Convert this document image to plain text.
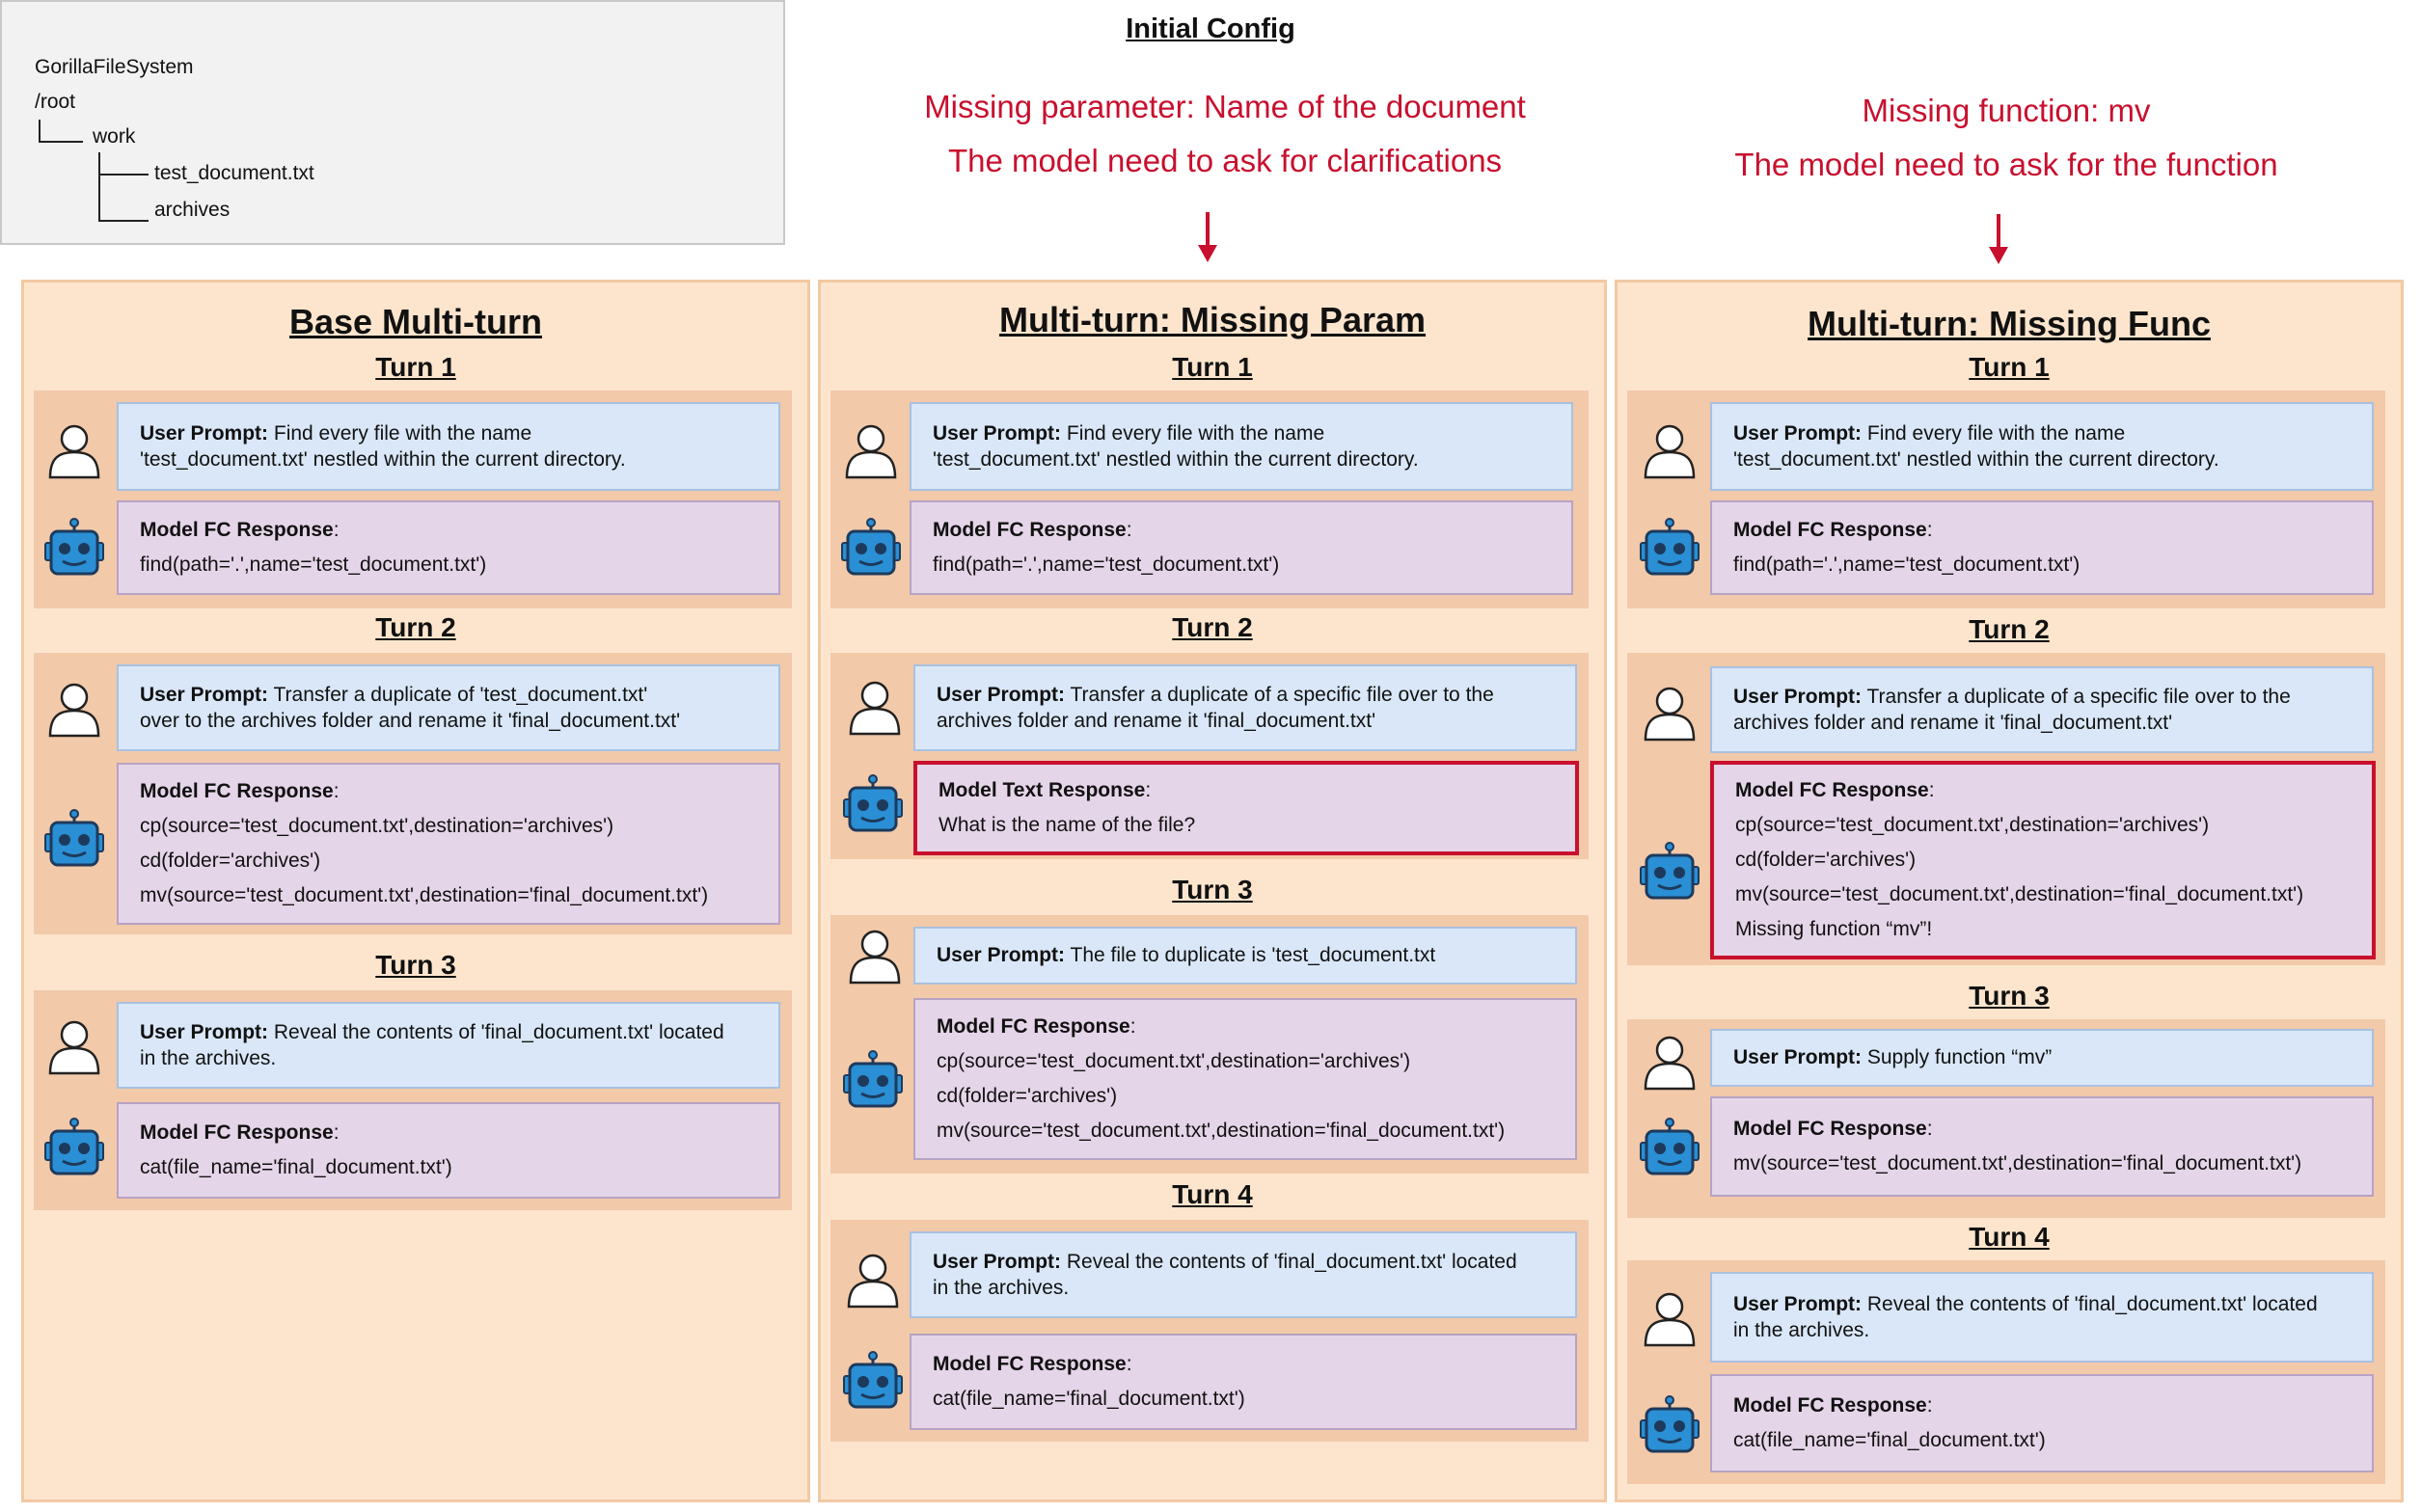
Initial Config
GorillaFileSystem
/root
work
test_document.txt
archives
Missing parameter: Name of the document
The model need to ask for clarifications
Missing function: mv
The model need to ask for the function
Base Multi-turn
Turn 1
User Prompt: Find every file with the name
'test_document.txt' nestled within the current directory.
Model FC Response:
find(path='.',name='test_document.txt')
Turn 2
User Prompt: Transfer a duplicate of 'test_document.txt'
over to the archives folder and rename it 'final_document.txt'
Model FC Response:
cp(source='test_document.txt',destination='archives')
cd(folder='archives')
mv(source='test_document.txt',destination='final_document.txt')
Turn 3
User Prompt: Reveal the contents of 'final_document.txt' located
in the archives.
Model FC Response:
cat(file_name='final_document.txt')
Multi-turn: Missing Param
Turn 1
User Prompt: Find every file with the name
'test_document.txt' nestled within the current directory.
Model FC Response:
find(path='.',name='test_document.txt')
Turn 2
User Prompt: Transfer a duplicate of a specific file over to the
archives folder and rename it 'final_document.txt'
Model Text Response:
What is the name of the file?
Turn 3
User Prompt: The file to duplicate is 'test_document.txt
Model FC Response:
cp(source='test_document.txt',destination='archives')
cd(folder='archives')
mv(source='test_document.txt',destination='final_document.txt')
Turn 4
User Prompt: Reveal the contents of 'final_document.txt' located
in the archives.
Model FC Response:
cat(file_name='final_document.txt')
Multi-turn: Missing Func
Turn 1
User Prompt: Find every file with the name
'test_document.txt' nestled within the current directory.
Model FC Response:
find(path='.',name='test_document.txt')
Turn 2
User Prompt: Transfer a duplicate of a specific file over to the
archives folder and rename it 'final_document.txt'
Model FC Response:
cp(source='test_document.txt',destination='archives')
cd(folder='archives')
mv(source='test_document.txt',destination='final_document.txt')
Missing function “mv”!
Turn 3
User Prompt: Supply function “mv”
Model FC Response:
mv(source='test_document.txt',destination='final_document.txt')
Turn 4
User Prompt: Reveal the contents of 'final_document.txt' located
in the archives.
Model FC Response:
cat(file_name='final_document.txt')
